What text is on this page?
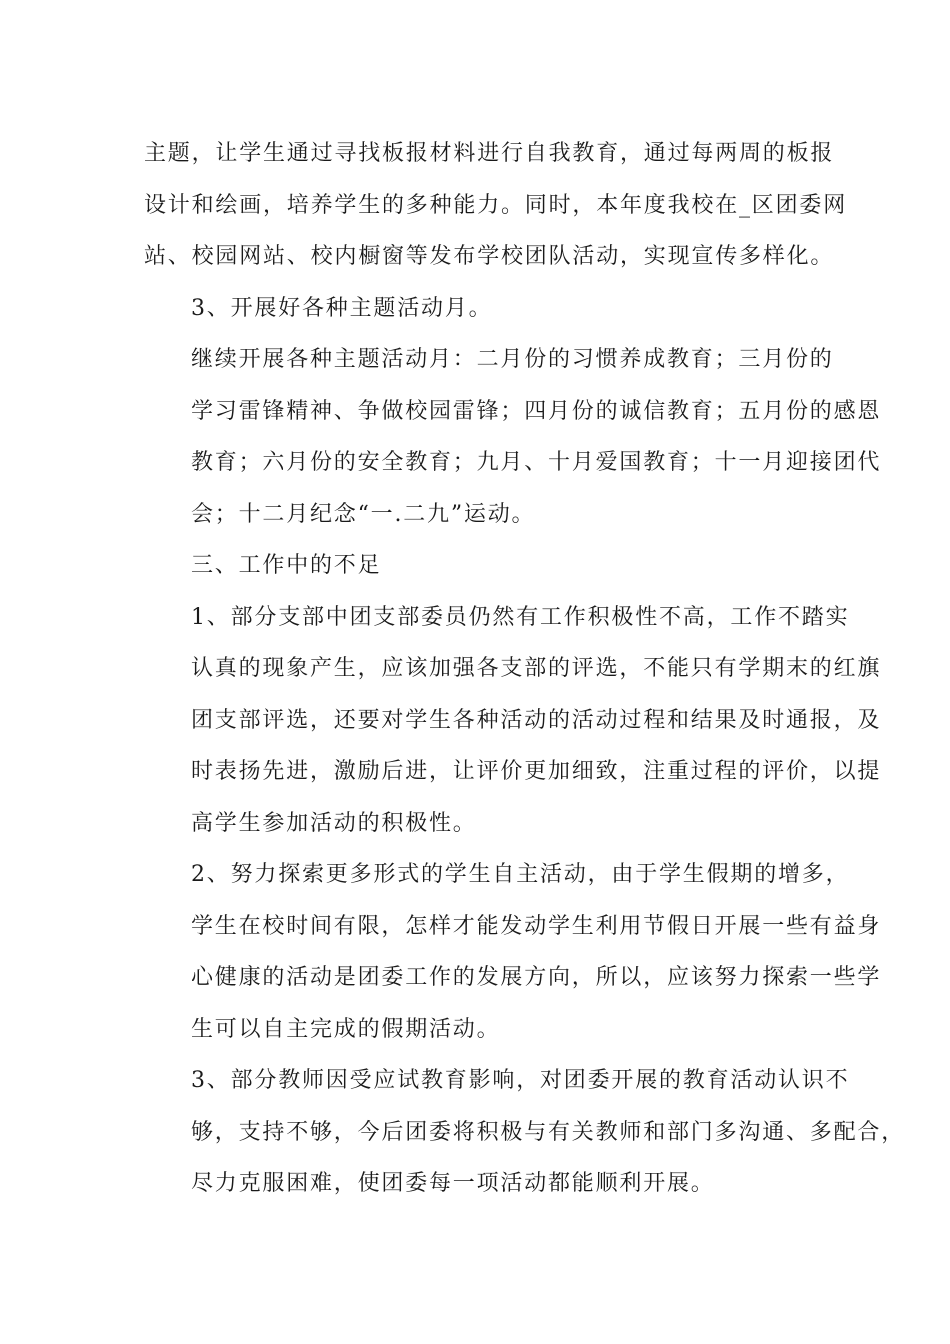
主题，让学生通过寻找板报材料进行自我教育，通过每两周的板报
设计和绘画，培养学生的多种能力。同时，本年度我校在_区团委网
站、校园网站、校内橱窗等发布学校团队活动，实现宣传多样化。
3、开展好各种主题活动月。
继续开展各种主题活动月：二月份的习惯养成教育；三月份的
学习雷锋精神、争做校园雷锋；四月份的诚信教育；五月份的感恩
教育；六月份的安全教育；九月、十月爱国教育；十一月迎接团代
会；十二月纪念“一.二九”运动。
三、工作中的不足
1、部分支部中团支部委员仍然有工作积极性不高，工作不踏实
认真的现象产生，应该加强各支部的评选，不能只有学期末的红旗
团支部评选，还要对学生各种活动的活动过程和结果及时通报，及
时表扬先进，激励后进，让评价更加细致，注重过程的评价，以提
高学生参加活动的积极性。
2、努力探索更多形式的学生自主活动，由于学生假期的增多，
学生在校时间有限，怎样才能发动学生利用节假日开展一些有益身
心健康的活动是团委工作的发展方向，所以，应该努力探索一些学
生可以自主完成的假期活动。
3、部分教师因受应试教育影响，对团委开展的教育活动认识不
够，支持不够，今后团委将积极与有关教师和部门多沟通、多配合，
尽力克服困难，使团委每一项活动都能顺利开展。
